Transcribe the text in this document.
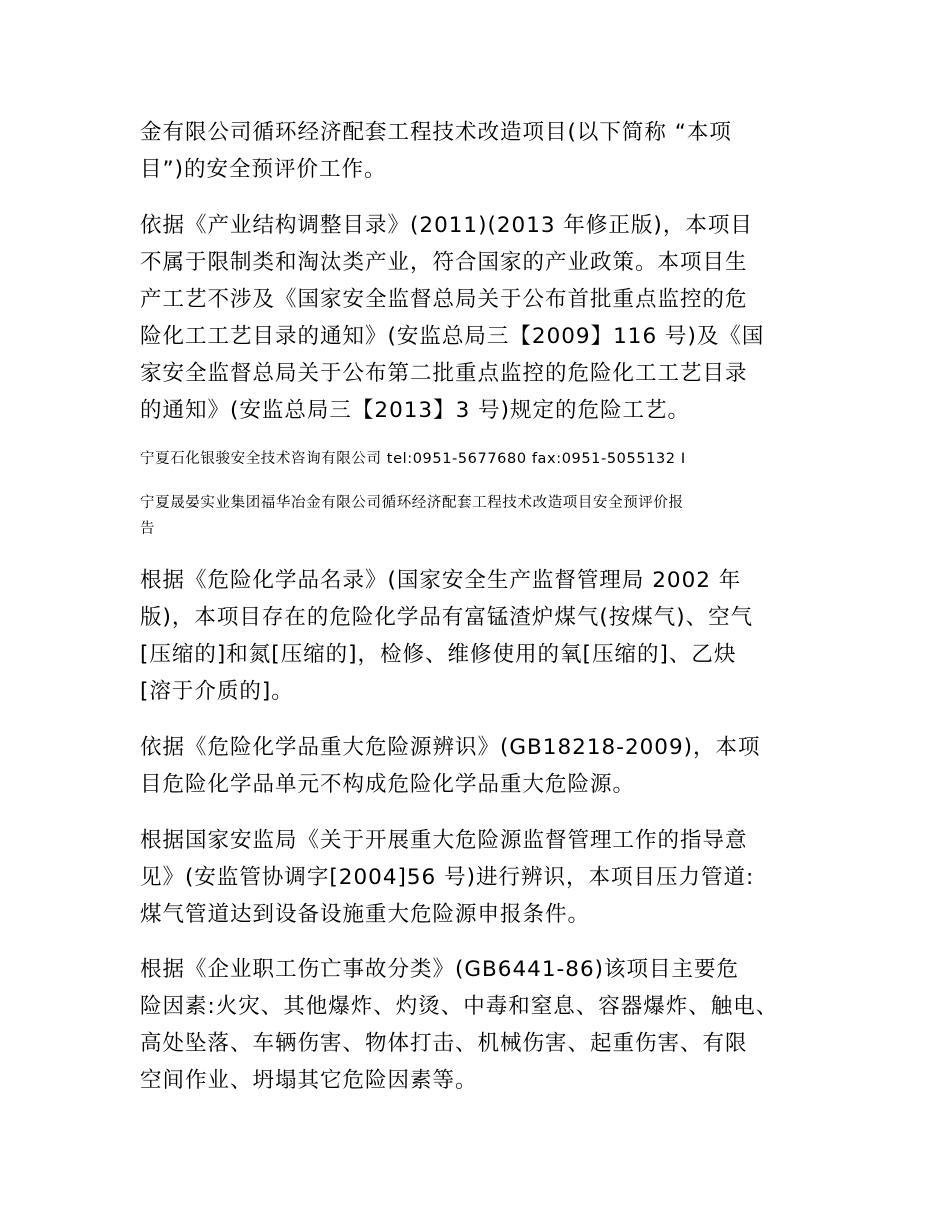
金有限公司循环经济配套工程技术改造项目(以下简称 “本项
目”)的安全预评价工作。

依据《产业结构调整目录》(2011)(2013 年修正版)，本项目
不属于限制类和淘汰类产业，符合国家的产业政策。本项目生
产工艺不涉及《国家安全监督总局关于公布首批重点监控的危
险化工工艺目录的通知》(安监总局三【2009】116 号)及《国
家安全监督总局关于公布第二批重点监控的危险化工工艺目录
的通知》(安监总局三【2013】3 号)规定的危险工艺。

宁夏石化银骏安全技术咨询有限公司 tel:0951-5677680 fax:0951-5055132 I

宁夏晟晏实业集团福华冶金有限公司循环经济配套工程技术改造项目安全预评价报
告

根据《危险化学品名录》(国家安全生产监督管理局 2002 年
版)，本项目存在的危险化学品有富锰渣炉煤气(按煤气)、空气
[压缩的]和氮[压缩的]，检修、维修使用的氧[压缩的]、乙炔
[溶于介质的]。

依据《危险化学品重大危险源辨识》(GB18218-2009)，本项
目危险化学品单元不构成危险化学品重大危险源。

根据国家安监局《关于开展重大危险源监督管理工作的指导意
见》(安监管协调字[2004]56 号)进行辨识，本项目压力管道:
煤气管道达到设备设施重大危险源申报条件。

根据《企业职工伤亡事故分类》(GB6441-86)该项目主要危
险因素:火灾、其他爆炸、灼烫、中毒和窒息、容器爆炸、触电、
高处坠落、车辆伤害、物体打击、机械伤害、起重伤害、有限
空间作业、坍塌其它危险因素等。
